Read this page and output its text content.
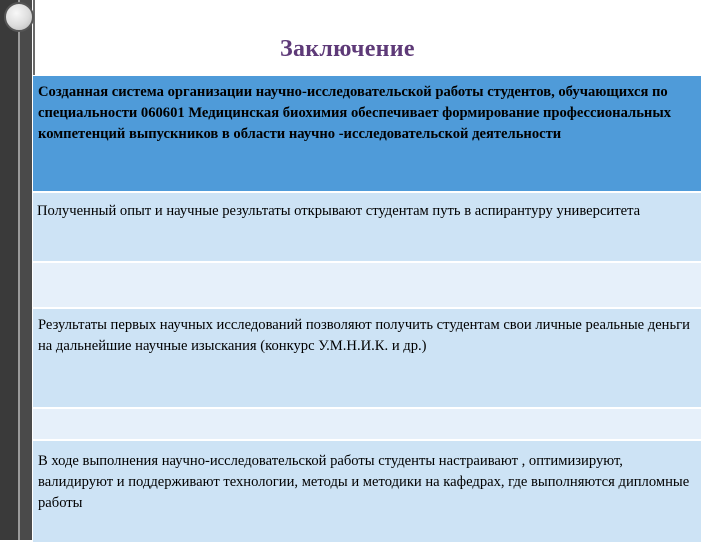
Заключение
Созданная система организации научно-исследовательской работы студентов, обучающихся по специальности 060601 Медицинская биохимия обеспечивает формирование профессиональных компетенций выпускников в области научно -исследовательской деятельности
Полученный опыт и научные результаты открывают студентам путь в аспирантуру университета
Результаты первых научных исследований позволяют получить студентам свои личные реальные деньги на дальнейшие научные изыскания (конкурс У.М.Н.И.К. и др.)
В ходе выполнения научно-исследовательской работы студенты настраивают , оптимизируют, валидируют и поддерживают технологии, методы и методики на кафедрах, где выполняются дипломные работы
